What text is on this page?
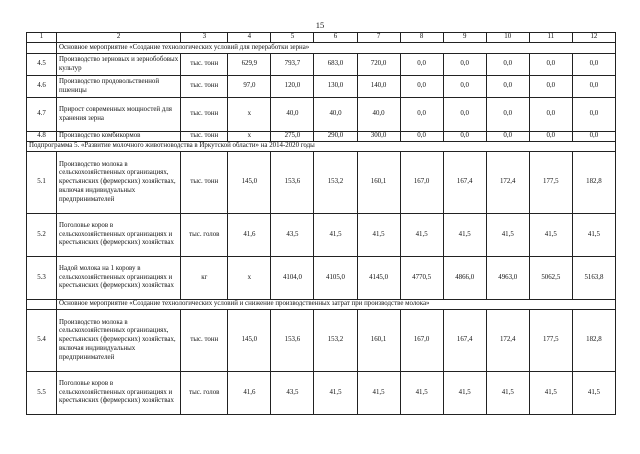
15
1	2	3	4	5	6	7	8	9	10	11	12
	Основное мероприятие «Создание технологических условий для переработки зерна»										
4.5	Производство зерновых и зернобобовых культур	тыс. тонн	629,9	793,7	683,0	720,0	0,0	0,0	0,0	0,0	0,0
4.6	Производство продовольственной пшеницы	тыс. тонн	97,0	120,0	130,0	140,0	0,0	0,0	0,0	0,0	0,0
4.7	Прирост современных мощностей для хранения зерна	тыс. тонн	x	40,0	40,0	40,0	0,0	0,0	0,0	0,0	0,0
4.8	Производство комбикормов	тыс. тонн	x	275,0	290,0	300,0	0,0	0,0	0,0	0,0	0,0
Подпрограмма 5. «Развитие молочного животноводства в Иркутской области» на 2014-2020 годы											
5.1	Производство молока в сельскохозяйственных организациях, крестьянских (фермерских) хозяйствах, включая индивидуальных предпринимателей	тыс. тонн	145,0	153,6	153,2	160,1	167,0	167,4	172,4	177,5	182,8
5.2	Поголовье коров в сельскохозяйственных организациях и крестьянских (фермерских) хозяйствах	тыс. голов	41,6	43,5	41,5	41,5	41,5	41,5	41,5	41,5	41,5
5.3	Надой молока на 1 корову в сельскохозяйственных организациях и крестьянских (фермерских) хозяйствах	кг	x	4104,0	4105,0	4145,0	4770,5	4866,0	4963,0	5062,5	5163,8
	Основное мероприятие «Создание технологических условий и снижение производственных затрат при производстве молока»										
5.4	Производство молока в сельскохозяйственных организациях, крестьянских (фермерских) хозяйствах, включая индивидуальных предпринимателей	тыс. тонн	145,0	153,6	153,2	160,1	167,0	167,4	172,4	177,5	182,8
5.5	Поголовье коров в сельскохозяйственных организациях и крестьянских (фермерских) хозяйствах	тыс. голов	41,6	43,5	41,5	41,5	41,5	41,5	41,5	41,5	41,5
